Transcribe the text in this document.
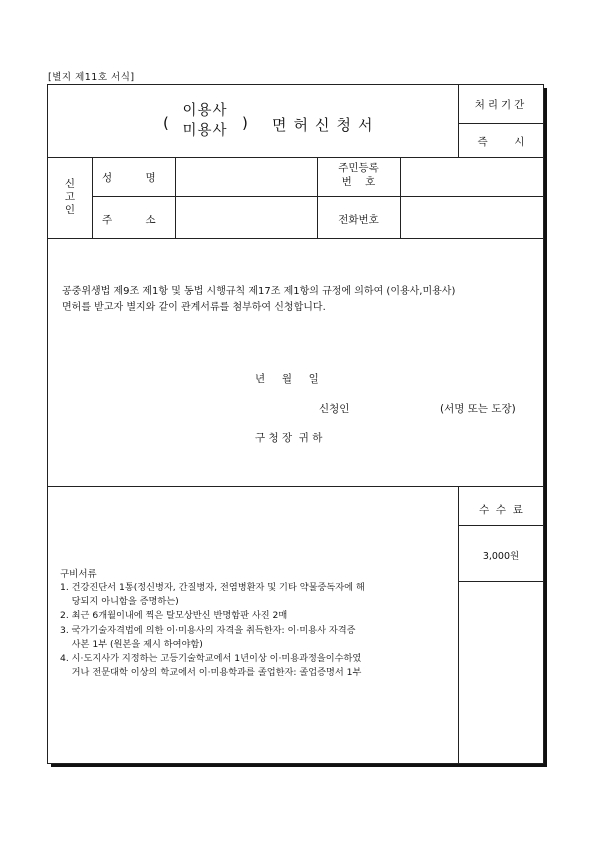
[별지 제11호 서식]
(
이용사
미용사 ) 면허신청서
처리기간
즉        시
신
고
인
성          명
주민등록
번    호
주          소	전화번호
공중위생법 제9조 제1항 및 동법 시행규칙 제17조 제1항의 규정에 의하여 (이용사,미용사)
면허를 받고자 별지와 같이 관계서류를 첨부하여 신청합니다.
년     월     일
신청인	(서명 또는 도장)
구 청 장  귀 하
수  수  료
3,000원
구비서류
1. 건강진단서 1통(정신병자, 간질병자, 전염병환자 및 기타 약물중독자에 해
당되지 아니함을 증명하는)
2. 최근 6개월이내에 찍은 탈모상반신 반명함판 사진 2매
3. 국가기술자격법에 의한 이·미용사의 자격을 취득한자: 이·미용사 자격증
사본 1부 (원본을 제시 하여야함)
4. 시·도지사가 지정하는 고등기술학교에서 1년이상 이·미용과정을이수하였
거나 전문대학 이상의 학교에서 이·미용학과를 졸업한자: 졸업증명서 1부
